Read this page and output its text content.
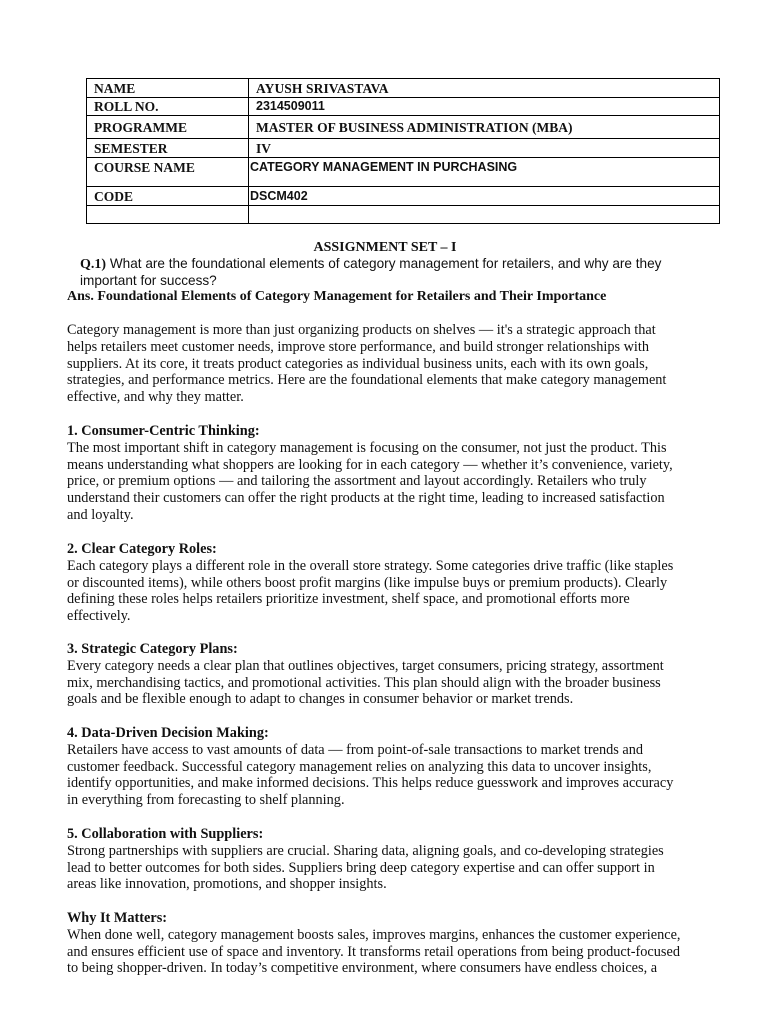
NAME	AYUSH SRIVASTAVA
ROLL NO.	2314509011
PROGRAMME	MASTER OF BUSINESS ADMINISTRATION (MBA)
SEMESTER	IV
COURSE NAME	CATEGORY MANAGEMENT IN PURCHASING
CODE	DSCM402

ASSIGNMENT SET – I
Q.1) What are the foundational elements of category management for retailers, and why are they
important for success?
Ans. Foundational Elements of Category Management for Retailers and Their Importance

Category management is more than just organizing products on shelves — it's a strategic approach that

helps retailers meet customer needs, improve store performance, and build stronger relationships with

suppliers. At its core, it treats product categories as individual business units, each with its own goals,

strategies, and performance metrics. Here are the foundational elements that make category management

effective, and why they matter.

1. Consumer-Centric Thinking:

The most important shift in category management is focusing on the consumer, not just the product. This

means understanding what shoppers are looking for in each category — whether it’s convenience, variety,

price, or premium options — and tailoring the assortment and layout accordingly. Retailers who truly

understand their customers can offer the right products at the right time, leading to increased satisfaction

and loyalty.

2. Clear Category Roles:

Each category plays a different role in the overall store strategy. Some categories drive traffic (like staples

or discounted items), while others boost profit margins (like impulse buys or premium products). Clearly

defining these roles helps retailers prioritize investment, shelf space, and promotional efforts more

effectively.

3. Strategic Category Plans:

Every category needs a clear plan that outlines objectives, target consumers, pricing strategy, assortment

mix, merchandising tactics, and promotional activities. This plan should align with the broader business

goals and be flexible enough to adapt to changes in consumer behavior or market trends.

4. Data-Driven Decision Making:

Retailers have access to vast amounts of data — from point-of-sale transactions to market trends and

customer feedback. Successful category management relies on analyzing this data to uncover insights,

identify opportunities, and make informed decisions. This helps reduce guesswork and improves accuracy

in everything from forecasting to shelf planning.

5. Collaboration with Suppliers:

Strong partnerships with suppliers are crucial. Sharing data, aligning goals, and co-developing strategies

lead to better outcomes for both sides. Suppliers bring deep category expertise and can offer support in

areas like innovation, promotions, and shopper insights.

Why It Matters:

When done well, category management boosts sales, improves margins, enhances the customer experience,

and ensures efficient use of space and inventory. It transforms retail operations from being product-focused

to being shopper-driven. In today’s competitive environment, where consumers have endless choices, a
